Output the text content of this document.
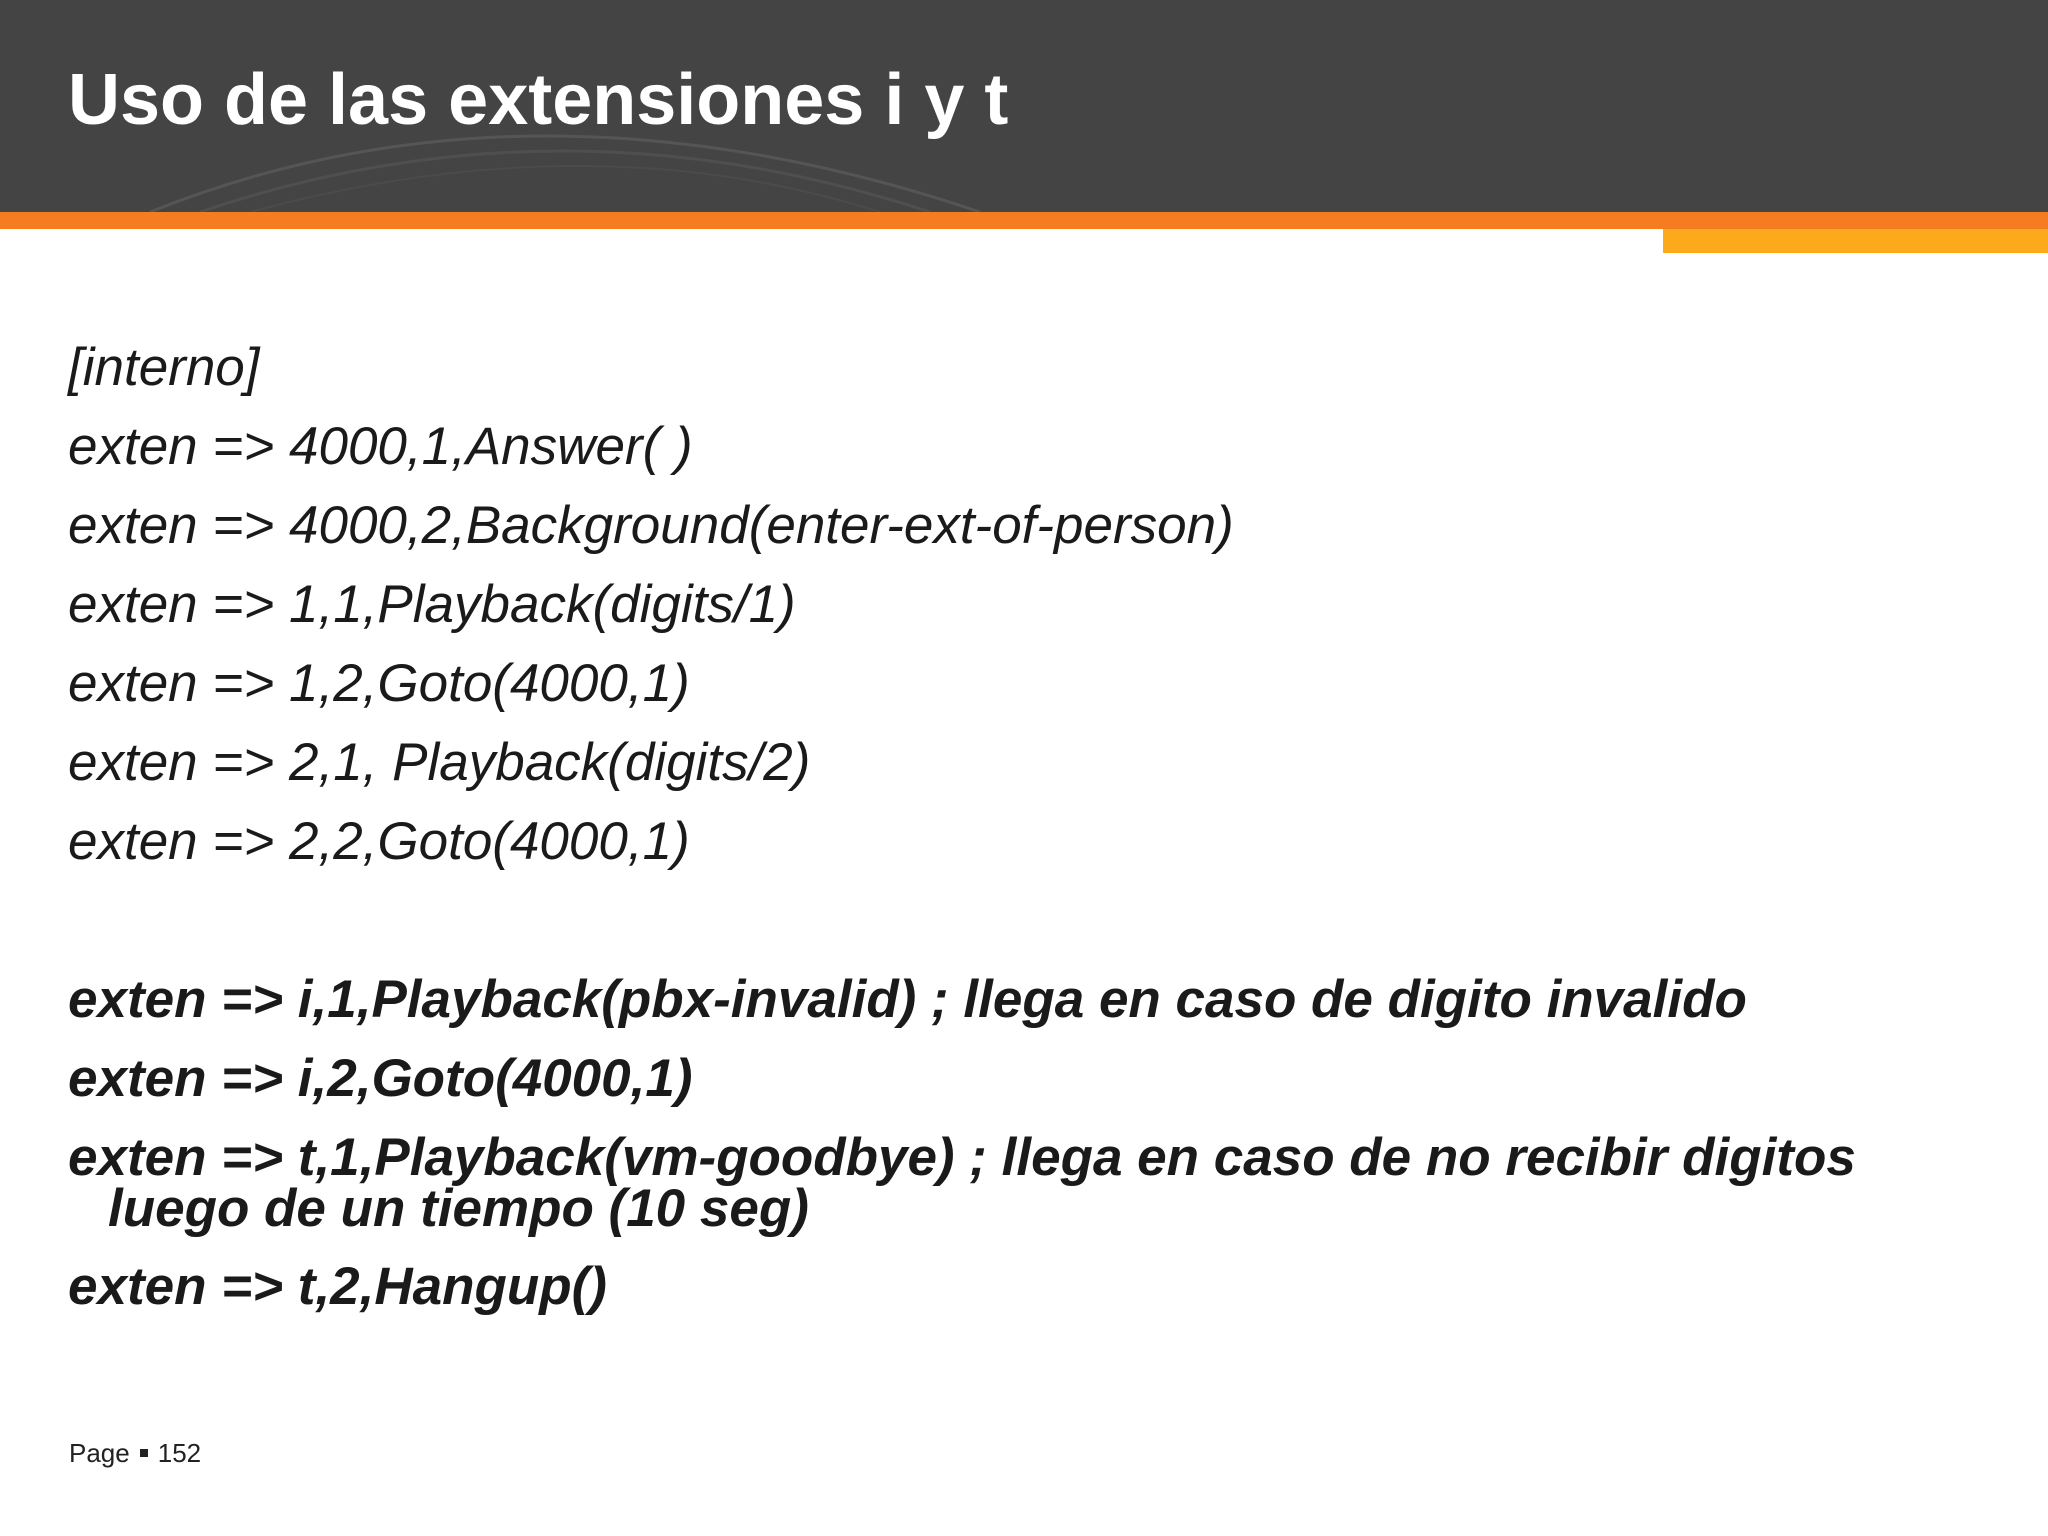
Uso de las extensiones i y t
[interno]
exten => 4000,1,Answer( )
exten => 4000,2,Background(enter-ext-of-person)
exten => 1,1,Playback(digits/1)
exten => 1,2,Goto(4000,1)
exten => 2,1, Playback(digits/2)
exten => 2,2,Goto(4000,1)
exten => i,1,Playback(pbx-invalid) ; llega en caso de digito invalido
exten => i,2,Goto(4000,1)
exten => t,1,Playback(vm-goodbye) ; llega en caso de no recibir digitos luego de un tiempo (10 seg)
exten => t,2,Hangup()
Page 152
